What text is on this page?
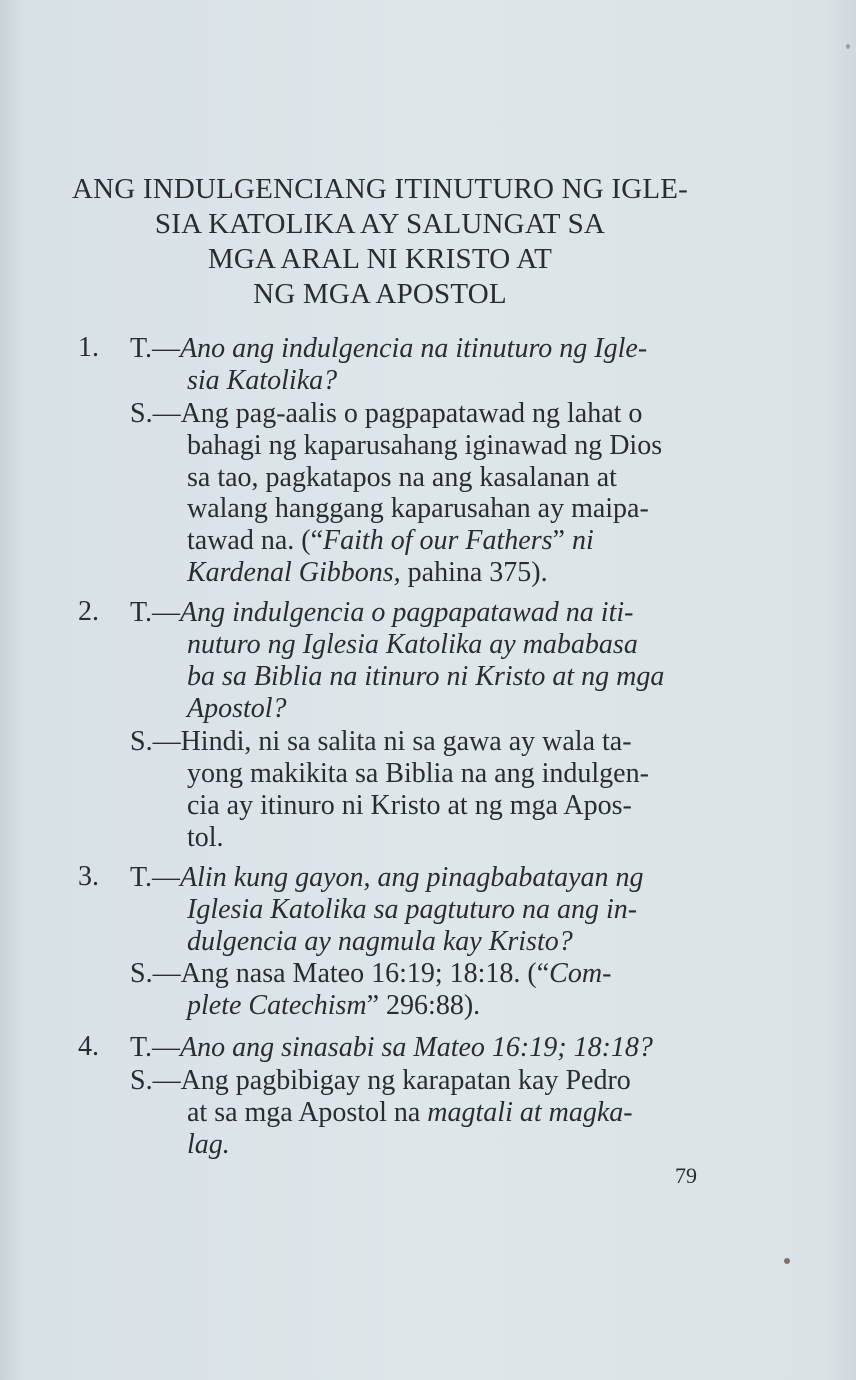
ANG INDULGENCIANG ITINUTURO NG IGLE-
SIA KATOLIKA AY SALUNGAT SA
MGA ARAL NI KRISTO AT
NG MGA APOSTOL
1. T.—Ano ang indulgencia na itinuturo ng Igle-
sia Katolika?
S.—Ang pag-aalis o pagpapatawad ng lahat o
bahagi ng kaparusahang iginawad ng Dios
sa tao, pagkatapos na ang kasalanan at
walang hanggang kaparusahan ay maipa-
tawad na. (“Faith of our Fathers” ni
Kardenal Gibbons, pahina 375).
2. T.—Ang indulgencia o pagpapatawad na iti-
nuturo ng Iglesia Katolika ay mababasa
ba sa Biblia na itinuro ni Kristo at ng mga
Apostol?
S.—Hindi, ni sa salita ni sa gawa ay wala ta-
yong makikita sa Biblia na ang indulgen-
cia ay itinuro ni Kristo at ng mga Apos-
tol.
3. T.—Alin kung gayon, ang pinagbabatayan ng
Iglesia Katolika sa pagtuturo na ang in-
dulgencia ay nagmula kay Kristo?
S.—Ang nasa Mateo 16:19; 18:18. (“Com-
plete Catechism” 296:88).
4. T.—Ano ang sinasabi sa Mateo 16:19; 18:18?
S.—Ang pagbibigay ng karapatan kay Pedro
at sa mga Apostol na magtali at magka-
lag.
79
